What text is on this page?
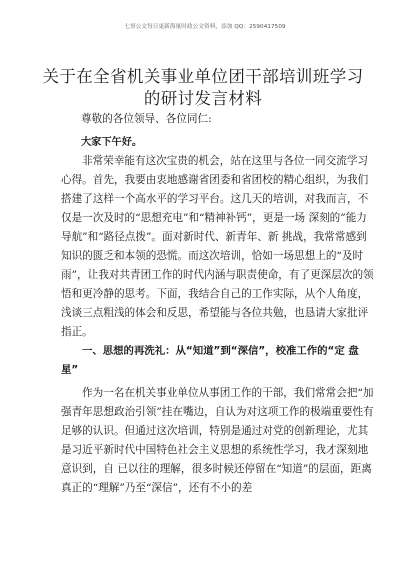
七哥公文每日更新海量时政公文资料，添加 QQ：2590417509
关于在全省机关事业单位团干部培训班学习的研讨发言材料

尊敬的各位领导、各位同仁:

大家下午好。

非常荣幸能有这次宝贵的机会，站在这里与各位一同交流学习心得。首先，我要由衷地感谢省团委和省团校的精心组织，为我们搭建了这样一个高水平的学习平台。这几天的培训，对我而言，不仅是一次及时的“思想充电”和“精神补钙”，更是一场 深刻的”能力导航”和“路径点拨”。面对新时代、新青年、新 挑战，我常常感到知识的匮乏和本领的恐慌。而这次培训，恰如一场思想上的“及时雨”，让我对共青团工作的时代内涵与职责使命，有了更深层次的领悟和更冷静的思考。下面，我结合自己的工作实际，从个人角度，浅谈三点粗浅的体会和反思，希望能与各位共勉，也恳请大家批评指正。

一、思想的再洗礼：从“知道”到“深信”，校准工作的“定 盘星”

作为一名在机关事业单位从事团工作的干部，我们常常会把“加强青年思想政治引领”挂在嘴边，自认为对这项工作的极端重要性有足够的认识。但通过这次培训，特别是通过对党的创新理论，尤其是习近平新时代中国特色社会主义思想的系统性学习，我才深刻地意识到，自 已以往的理解，很多时候还停留在“知道”的层面，距离真正的“理解”乃至“深信”，还有不小的差
